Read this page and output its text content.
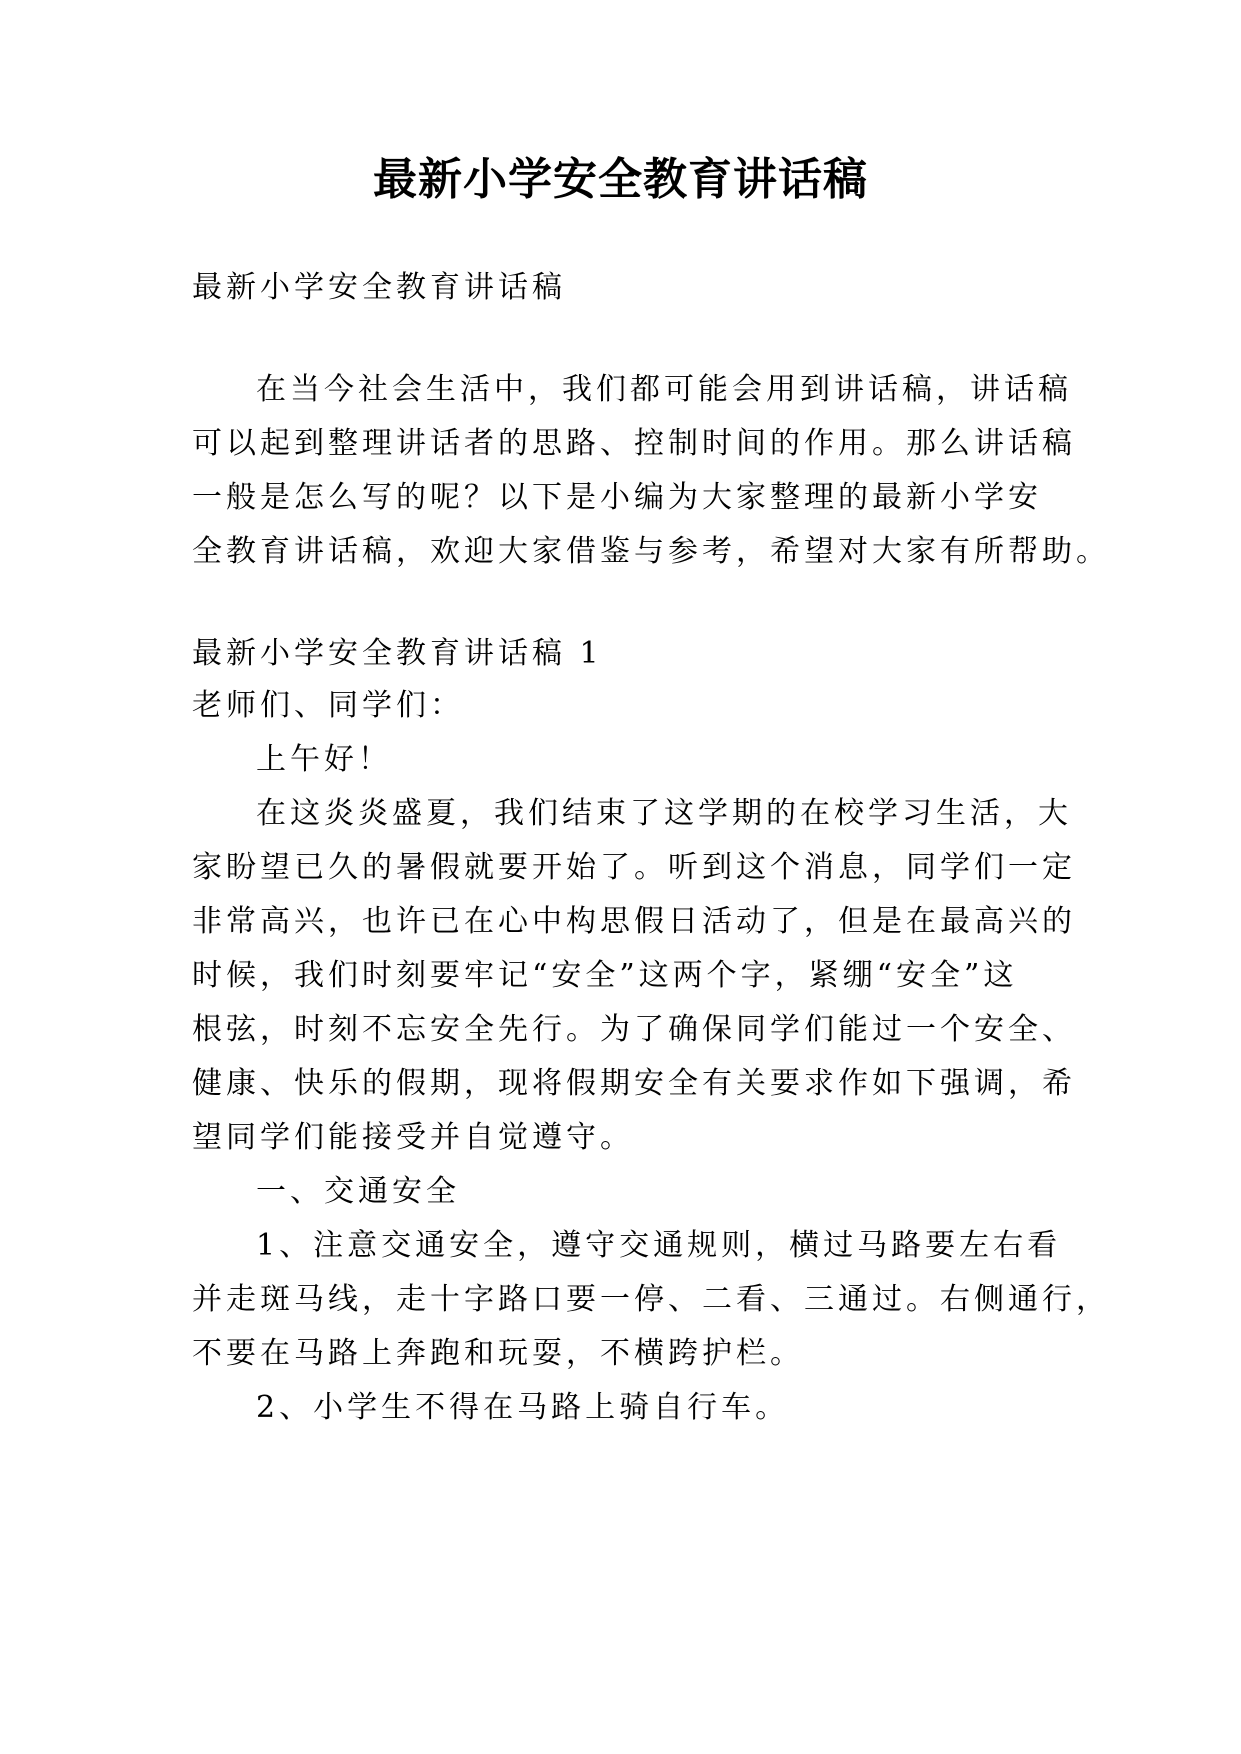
最新小学安全教育讲话稿
最新小学安全教育讲话稿
在当今社会生活中，我们都可能会用到讲话稿，讲话稿
可以起到整理讲话者的思路、控制时间的作用。那么讲话稿
一般是怎么写的呢？以下是小编为大家整理的最新小学安
全教育讲话稿，欢迎大家借鉴与参考，希望对大家有所帮助。
最新小学安全教育讲话稿 1
老师们、同学们：
上午好！
在这炎炎盛夏，我们结束了这学期的在校学习生活，大
家盼望已久的暑假就要开始了。听到这个消息，同学们一定
非常高兴，也许已在心中构思假日活动了，但是在最高兴的
时候，我们时刻要牢记“安全”这两个字，紧绷“安全”这
根弦，时刻不忘安全先行。为了确保同学们能过一个安全、
健康、快乐的假期，现将假期安全有关要求作如下强调，希
望同学们能接受并自觉遵守。
一、交通安全
1、注意交通安全，遵守交通规则，横过马路要左右看
并走斑马线，走十字路口要一停、二看、三通过。右侧通行，
不要在马路上奔跑和玩耍，不横跨护栏。
2、小学生不得在马路上骑自行车。
